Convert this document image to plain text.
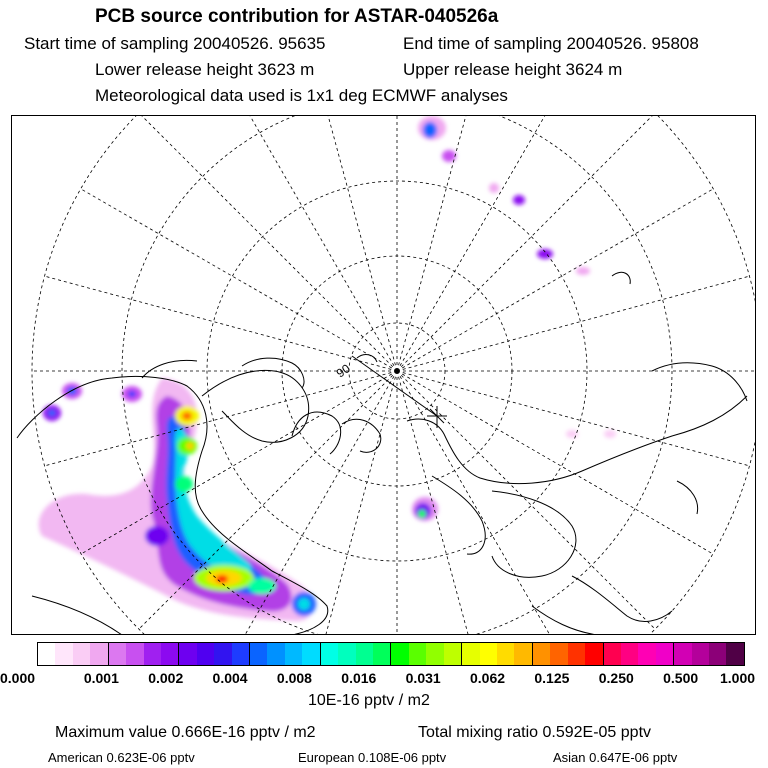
PCB source contribution for ASTAR-040526a
Start time of sampling 20040526. 95635	End time of sampling 20040526. 95808
Lower release height 3623 m	Upper release height 3624 m
Meteorological data used is 1x1 deg ECMWF analyses
90
0.000	0.001 0.002 0.004 0.008 0.016 0.031 0.062 0.125 0.250 0.500 1.000
10E-16 pptv / m2
Maximum value 0.666E-16 pptv / m2	Total mixing ratio 0.592E-05 pptv
American 0.623E-06 pptv	European 0.108E-06 pptv	Asian 0.647E-06 pptv
